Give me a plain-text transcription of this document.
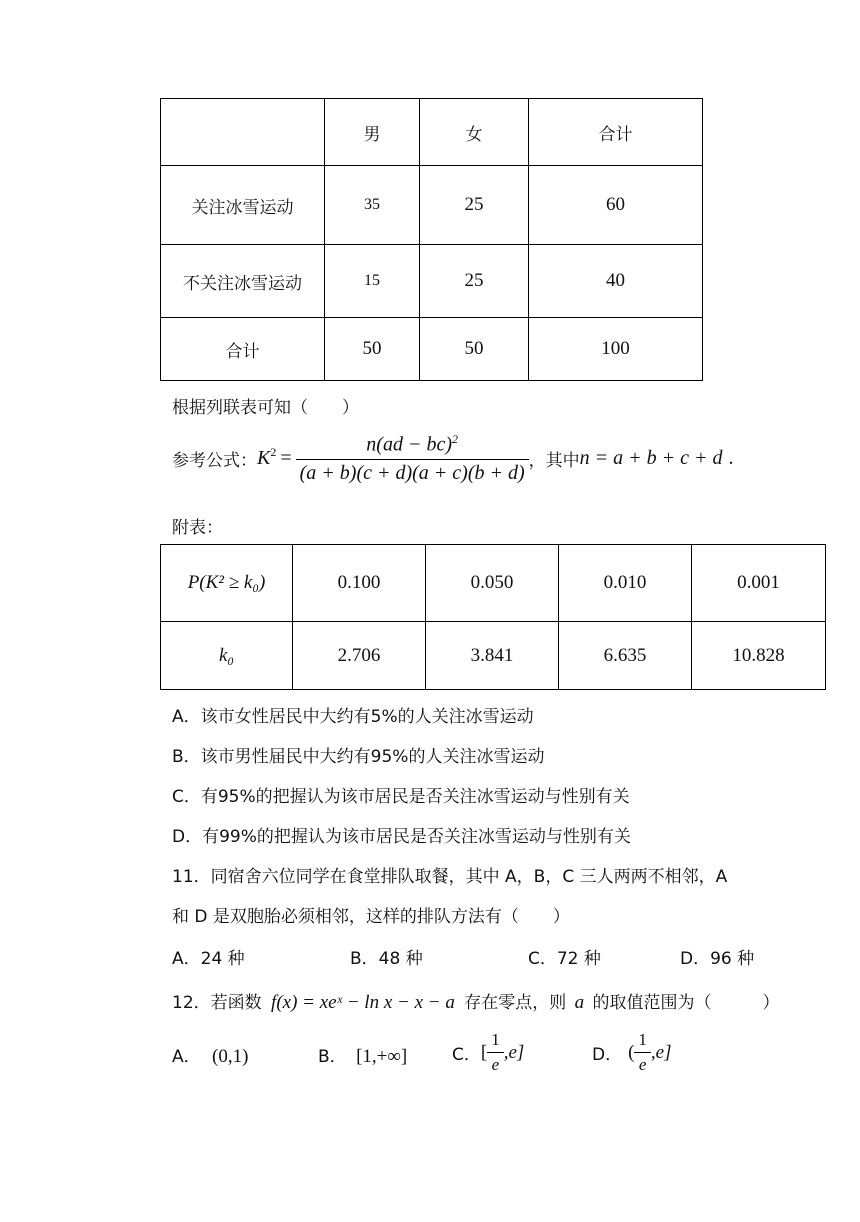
	男	女	合计
关注冰雪运动	35	25	60
不关注冰雪运动	15	25	40
合计	50	50	100
根据列联表可知（　　）
参考公式： $K^2 = \frac{n(ad - bc)^2}{(a + b)(c + d)(a + c)(b + d)}$ ，其中 n = a + b + c + d .
附表：
P(K² ≥ k₀)	0.100	0.050	0.010	0.001
k₀	2.706	3.841	6.635	10.828
A．该市女性居民中大约有5%的人关注冰雪运动
B．该市男性届民中大约有95%的人关注冰雪运动
C．有95%的把握认为该市居民是否关注冰雪运动与性别有关
D．有99%的把握认为该市居民是否关注冰雪运动与性别有关
11．同宿舍六位同学在食堂排队取餐，其中 A，B，C 三人两两不相邻，A
和 D 是双胞胎必须相邻，这样的排队方法有（　　）
A．24 种	B．48 种	C．72 种	D．96 种
12．若函数 f(x) = xeˣ − ln x − x − a 存在零点，则 a 的取值范围为（　　　）
A． (0,1)	B． [1,+∞]	C． [ $\frac{1}{e} ,e$]	D． ( $\frac{1}{e} ,e$]
